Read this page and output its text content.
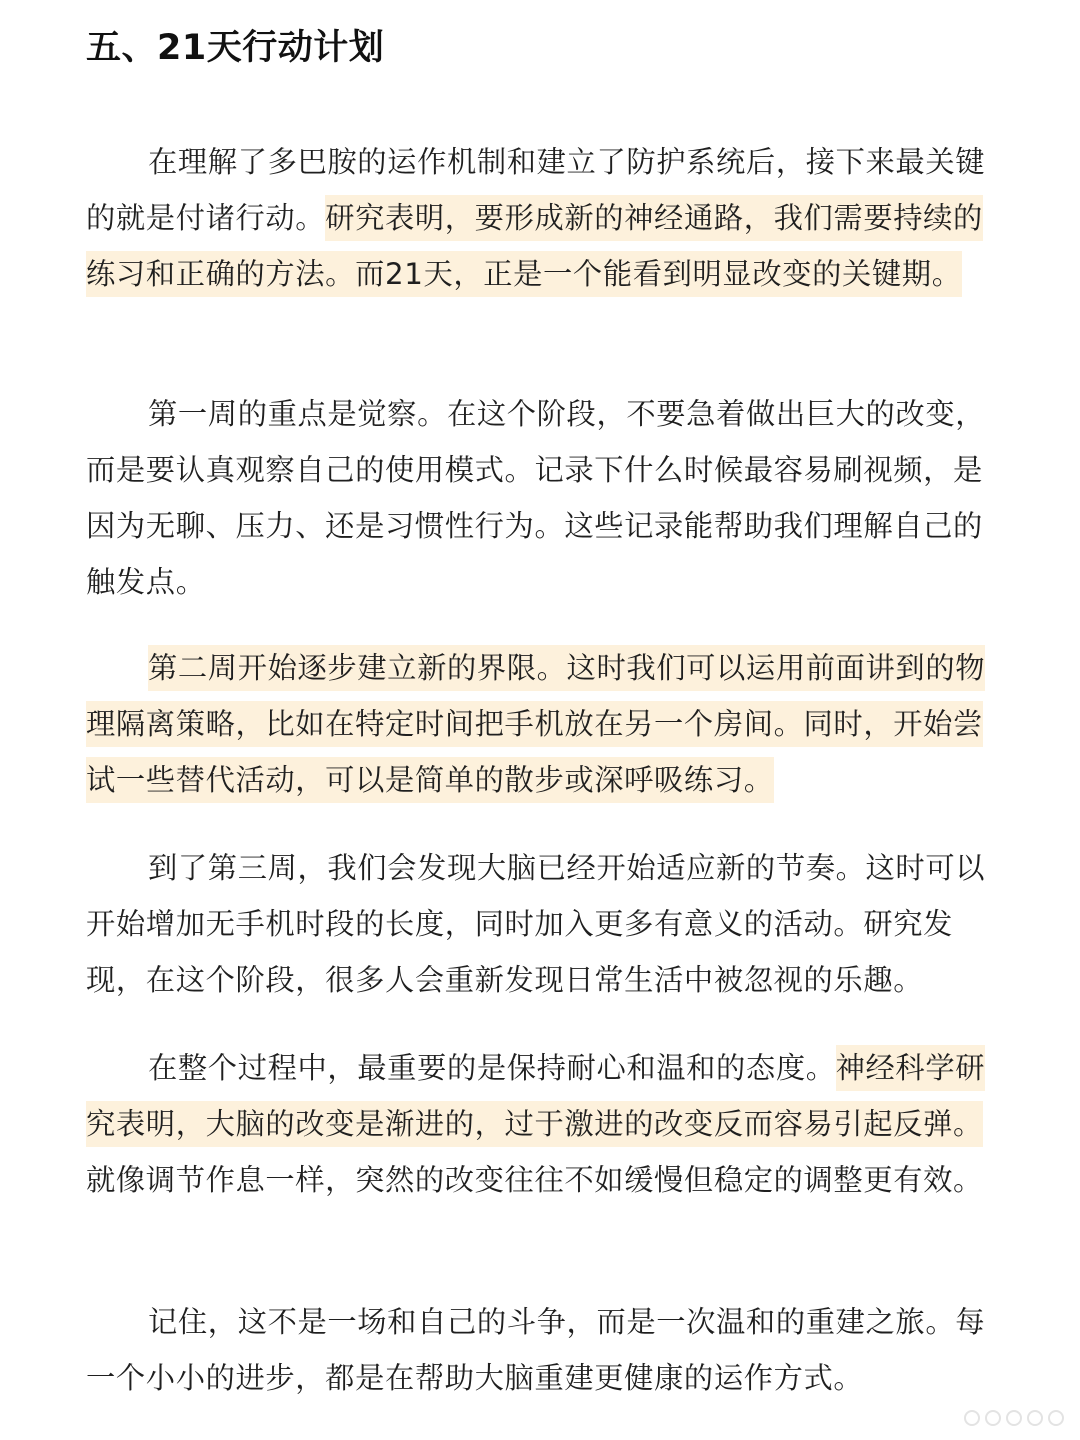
五、21天行动计划

在理解了多巴胺的运作机制和建立了防护系统后，接下来最关键的就是付诸行动。研究表明，要形成新的神经通路，我们需要持续的练习和正确的方法。而21天，正是一个能看到明显改变的关键期。

第一周的重点是觉察。在这个阶段，不要急着做出巨大的改变，而是要认真观察自己的使用模式。记录下什么时候最容易刷视频，是因为无聊、压力、还是习惯性行为。这些记录能帮助我们理解自己的触发点。

第二周开始逐步建立新的界限。这时我们可以运用前面讲到的物理隔离策略，比如在特定时间把手机放在另一个房间。同时，开始尝试一些替代活动，可以是简单的散步或深呼吸练习。

到了第三周，我们会发现大脑已经开始适应新的节奏。这时可以开始增加无手机时段的长度，同时加入更多有意义的活动。研究发现，在这个阶段，很多人会重新发现日常生活中被忽视的乐趣。

在整个过程中，最重要的是保持耐心和温和的态度。神经科学研究表明，大脑的改变是渐进的，过于激进的改变反而容易引起反弹。就像调节作息一样，突然的改变往往不如缓慢但稳定的调整更有效。

记住，这不是一场和自己的斗争，而是一次温和的重建之旅。每一个小小的进步，都是在帮助大脑重建更健康的运作方式。
